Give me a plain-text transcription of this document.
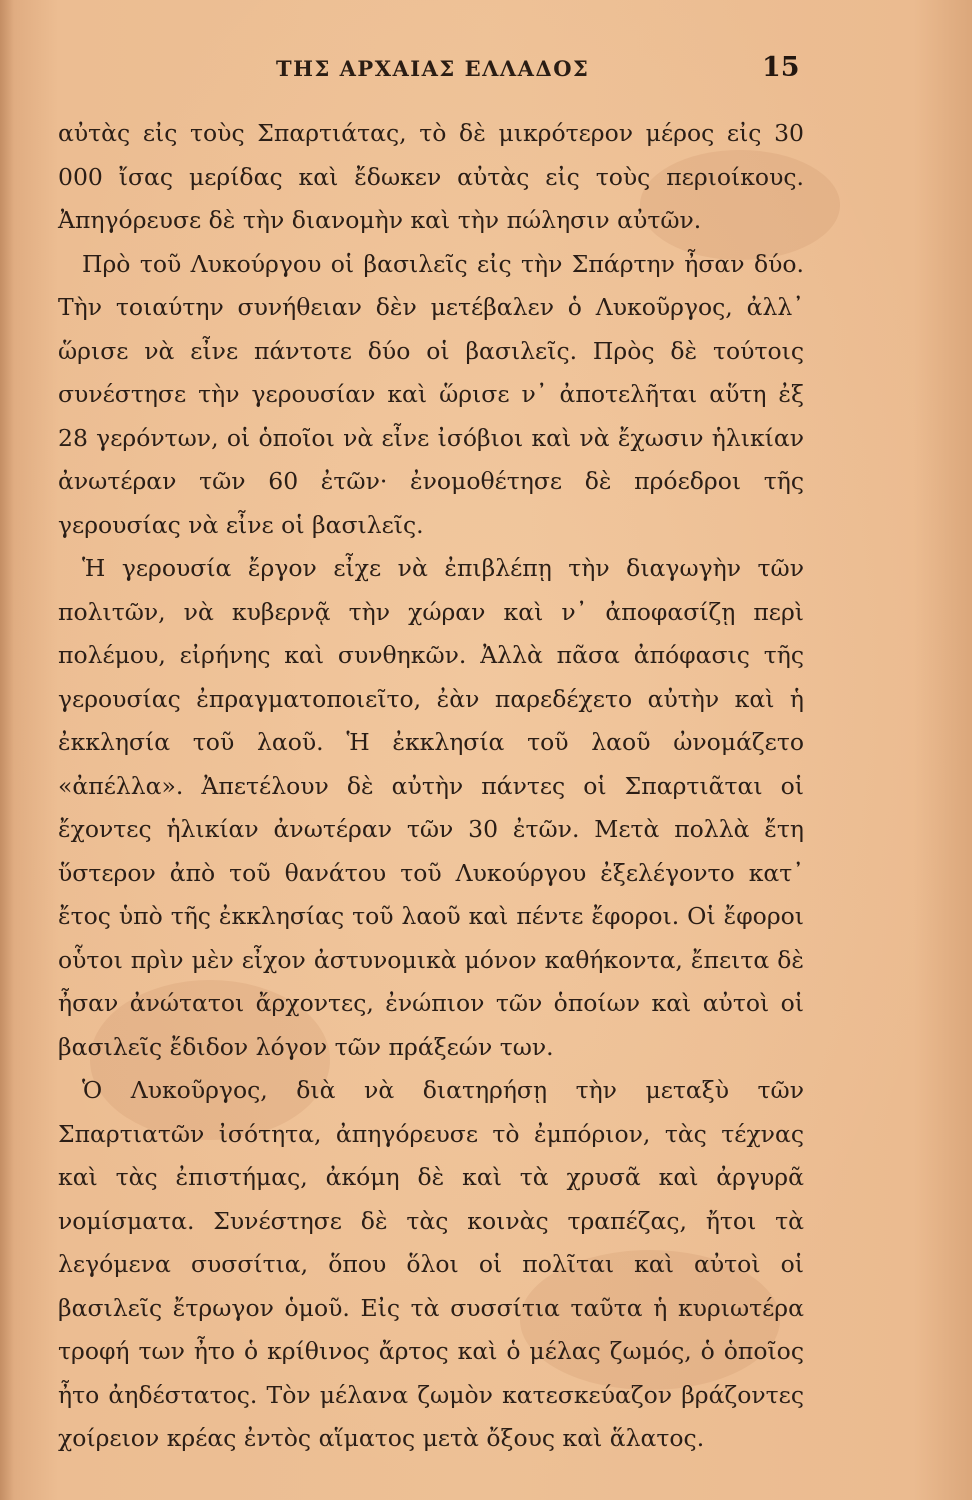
ΤΗΣ ΑΡΧΑΙΑΣ ΕΛΛΑΔΟΣ	15

αὐτὰς εἰς τοὺς Σπαρτιάτας, τὸ δὲ μικρότερον μέρος εἰς 30 000 ἴσας μερίδας καὶ ἔδωκεν αὐτὰς εἰς τοὺς περιοίκους. Ἀπηγόρευσε δὲ τὴν διανομὴν καὶ τὴν πώλησιν αὐτῶν.

Πρὸ τοῦ Λυκούργου οἱ βασιλεῖς εἰς τὴν Σπάρτην ἦσαν δύο. Τὴν τοιαύτην συνήθειαν δὲν μετέβαλεν ὁ Λυκοῦργος, ἀλλ᾽ ὥρισε νὰ εἶνε πάντοτε δύο οἱ βασιλεῖς. Πρὸς δὲ τούτοις συνέστησε τὴν γερουσίαν καὶ ὥρισε ν᾽ ἀποτελῆται αὕτη ἐξ 28 γερόντων, οἱ ὁποῖοι νὰ εἶνε ἰσόβιοι καὶ νὰ ἔχωσιν ἡλικίαν ἀνωτέραν τῶν 60 ἐτῶν· ἐνομοθέτησε δὲ πρόεδροι τῆς γερουσίας νὰ εἶνε οἱ βασιλεῖς.

Ἡ γερουσία ἔργον εἶχε νὰ ἐπιβλέπῃ τὴν διαγωγὴν τῶν πολιτῶν, νὰ κυβερνᾷ τὴν χώραν καὶ ν᾽ ἀποφασίζῃ περὶ πολέμου, εἰρήνης καὶ συνθηκῶν. Ἀλλὰ πᾶσα ἀπόφασις τῆς γερουσίας ἐπραγματοποιεῖτο, ἐὰν παρεδέχετο αὐτὴν καὶ ἡ ἐκκλησία τοῦ λαοῦ. Ἡ ἐκκλησία τοῦ λαοῦ ὠνομάζετο «ἀπέλλα». Ἀπετέλουν δὲ αὐτὴν πάντες οἱ Σπαρτιᾶται οἱ ἔχοντες ἡλικίαν ἀνωτέραν τῶν 30 ἐτῶν. Μετὰ πολλὰ ἔτη ὕστερον ἀπὸ τοῦ θανάτου τοῦ Λυκούργου ἐξελέγοντο κατ᾽ ἔτος ὑπὸ τῆς ἐκκλησίας τοῦ λαοῦ καὶ πέντε ἔφοροι. Οἱ ἔφοροι οὗτοι πρὶν μὲν εἶχον ἀστυνομικὰ μόνον καθήκοντα, ἔπειτα δὲ ἦσαν ἀνώτατοι ἄρχοντες, ἐνώπιον τῶν ὁποίων καὶ αὐτοὶ οἱ βασιλεῖς ἔδιδον λόγον τῶν πράξεών των.

Ὁ Λυκοῦργος, διὰ νὰ διατηρήσῃ τὴν μεταξὺ τῶν Σπαρτιατῶν ἰσότητα, ἀπηγόρευσε τὸ ἐμπόριον, τὰς τέχνας καὶ τὰς ἐπιστήμας, ἀκόμη δὲ καὶ τὰ χρυσᾶ καὶ ἀργυρᾶ νομίσματα. Συνέστησε δὲ τὰς κοινὰς τραπέζας, ἤτοι τὰ λεγόμενα συσσίτια, ὅπου ὅλοι οἱ πολῖται καὶ αὐτοὶ οἱ βασιλεῖς ἔτρωγον ὁμοῦ. Εἰς τὰ συσσίτια ταῦτα ἡ κυριωτέρα τροφή των ἦτο ὁ κρίθινος ἄρτος καὶ ὁ μέλας ζωμός, ὁ ὁποῖος ἦτο ἀηδέστατος. Τὸν μέλανα ζωμὸν κατεσκεύαζον βράζοντες χοίρειον κρέας ἐντὸς αἵματος μετὰ ὄξους καὶ ἅλατος.
